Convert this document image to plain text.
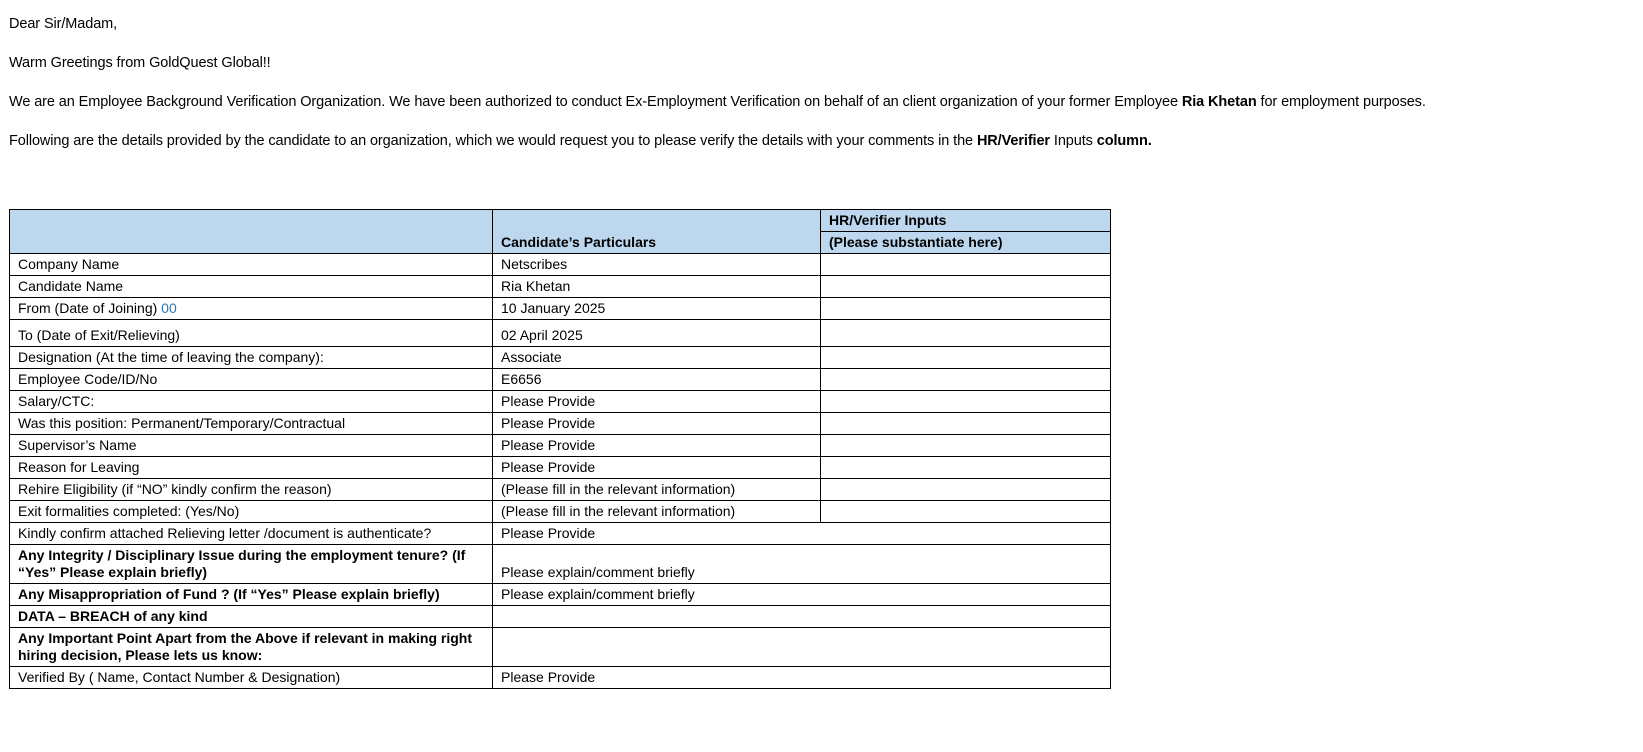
Dear Sir/Madam,

Warm Greetings from GoldQuest Global!!

We are an Employee Background Verification Organization. We have been authorized to conduct Ex-Employment Verification on behalf of an client organization of your former Employee Ria Khetan for employment purposes.

Following are the details provided by the candidate to an organization, which we would request you to please verify the details with your comments in the HR/Verifier Inputs column.

	Candidate’s Particulars	HR/Verifier Inputs
		(Please substantiate here)
Company Name	Netscribes	
Candidate Name	Ria Khetan	
From (Date of Joining) 00	10 January 2025	
To (Date of Exit/Relieving)	02 April 2025	
Designation (At the time of leaving the company):	Associate	
Employee Code/ID/No	E6656	
Salary/CTC:	Please Provide	
Was this position: Permanent/Temporary/Contractual	Please Provide	
Supervisor’s Name	Please Provide	
Reason for Leaving	Please Provide	
Rehire Eligibility (if “NO” kindly confirm the reason)	(Please fill in the relevant information)	
Exit formalities completed: (Yes/No)	(Please fill in the relevant information)	
Kindly confirm attached Relieving letter /document is authenticate?	Please Provide	
Any Integrity / Disciplinary Issue during the employment tenure? (If “Yes” Please explain briefly)	Please explain/comment briefly	
Any Misappropriation of Fund ? (If “Yes” Please explain briefly)	Please explain/comment briefly	
DATA – BREACH of any kind		
Any Important Point Apart from the Above if relevant in making right hiring decision, Please lets us know:		
Verified By ( Name, Contact Number & Designation)	Please Provide	
